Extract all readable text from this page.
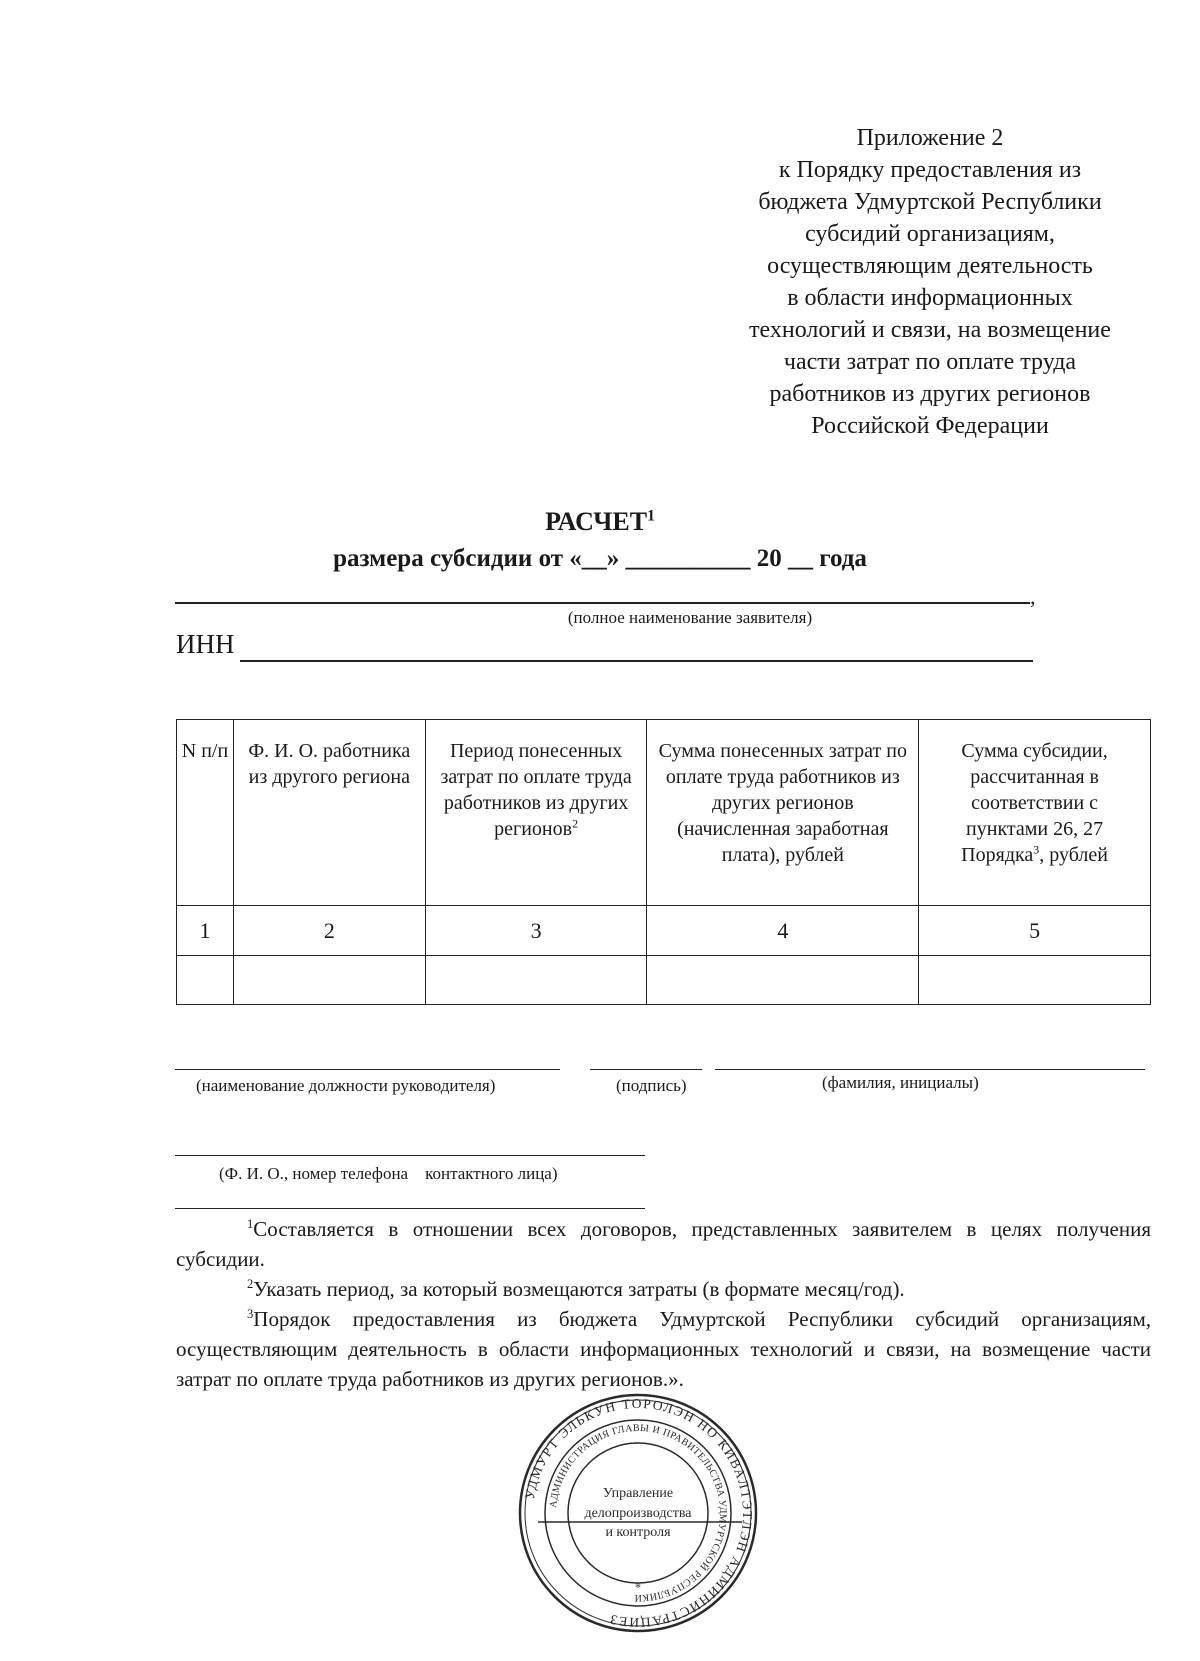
Приложение 2
к Порядку предоставления из
бюджета Удмуртской Республики
субсидий организациям,
осуществляющим деятельность
в области информационных
технологий и связи, на возмещение
части затрат по оплате труда
работников из других регионов
Российской Федерации
РАСЧЕТ$^1$
размера субсидии от «__» __________ 20 __ года
,
(полное наименование заявителя)
ИНН
N п/п	Ф. И. О. работника из другого региона	Период понесенных затрат по оплате труда работников из других регионов$^2$	Сумма понесенных затрат по оплате труда работников из других регионов (начисленная заработная плата), рублей	Сумма субсидии, рассчитанная в соответствии с пунктами 26, 27 Порядка$^3$, рублей
1	2	3	4	5

(наименование должности руководителя)	(подпись)	(фамилия, инициалы)
(Ф. И. О., номер телефона    контактного лица)

$^1$Составляется в отношении всех договоров, представленных заявителем в целях получения субсидии.

$^2$Указать период, за который возмещаются затраты (в формате месяц/год).

$^3$Порядок предоставления из бюджета Удмуртской Республики субсидий организациям, осуществляющим деятельность в области информационных технологий и связи, на возмещение части затрат по оплате труда работников из других регионов.».

УДМУРТ ЭЛЬКУН ТОРОЛЭН НО КИВАЛТЭТЛЭН АДМИНИСТРАЦИЕЗ
АДМИНИСТРАЦИЯ ГЛАВЫ И ПРАВИТЕЛЬСТВА УДМУРТСКОЙ РЕСПУБЛИКИ
*
Управление
делопроизводства
и контроля
